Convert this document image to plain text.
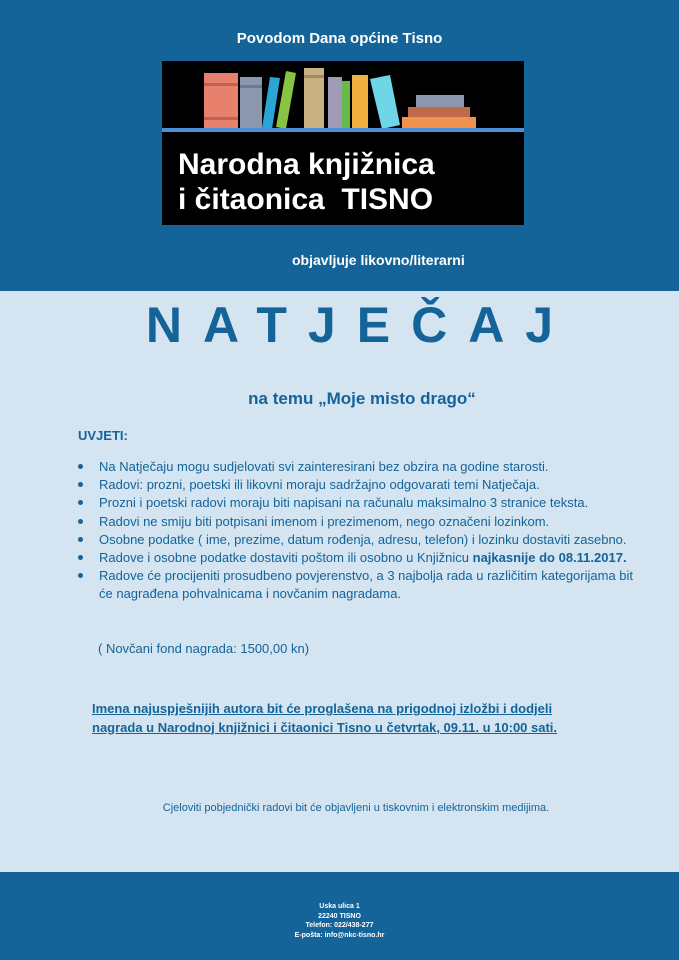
Povodom Dana općine Tisno
Narodna knjižnica
i čitaonica  TISNO
objavljuje likovno/literarni
NATJEČAJ
na temu „Moje misto drago“
UVJETI:
Na Natječaju mogu sudjelovati svi zainteresirani bez obzira na godine starosti.
Radovi: prozni, poetski ili likovni moraju sadržajno odgovarati temi Natječaja.
Prozni i poetski radovi moraju biti napisani na računalu maksimalno 3 stranice teksta.
Radovi ne smiju biti potpisani imenom i prezimenom, nego označeni lozinkom.
Osobne podatke ( ime, prezime, datum rođenja, adresu, telefon) i lozinku dostaviti zasebno.
Radove i osobne podatke dostaviti poštom ili osobno u Knjižnicu najkasnije do 08.11.2017.
Radove će procijeniti prosudbeno povjerenstvo, a 3 najbolja rada u različitim kategorijama bit će nagrađena pohvalnicama i novčanim nagradama.
( Novčani fond nagrada: 1500,00 kn)
Imena najuspješnijih autora bit će proglašena na prigodnoj izložbi i dodjeli
nagrada u Narodnoj knjižnici i čitaonici Tisno u četvrtak, 09.11. u 10:00 sati.
Cjeloviti pobjednički radovi bit će objavljeni u tiskovnim i elektronskim medijima.
Uska ulica 1
22240 TISNO
Telefon: 022/438-277
E-pošta: info@nkc-tisno.hr
